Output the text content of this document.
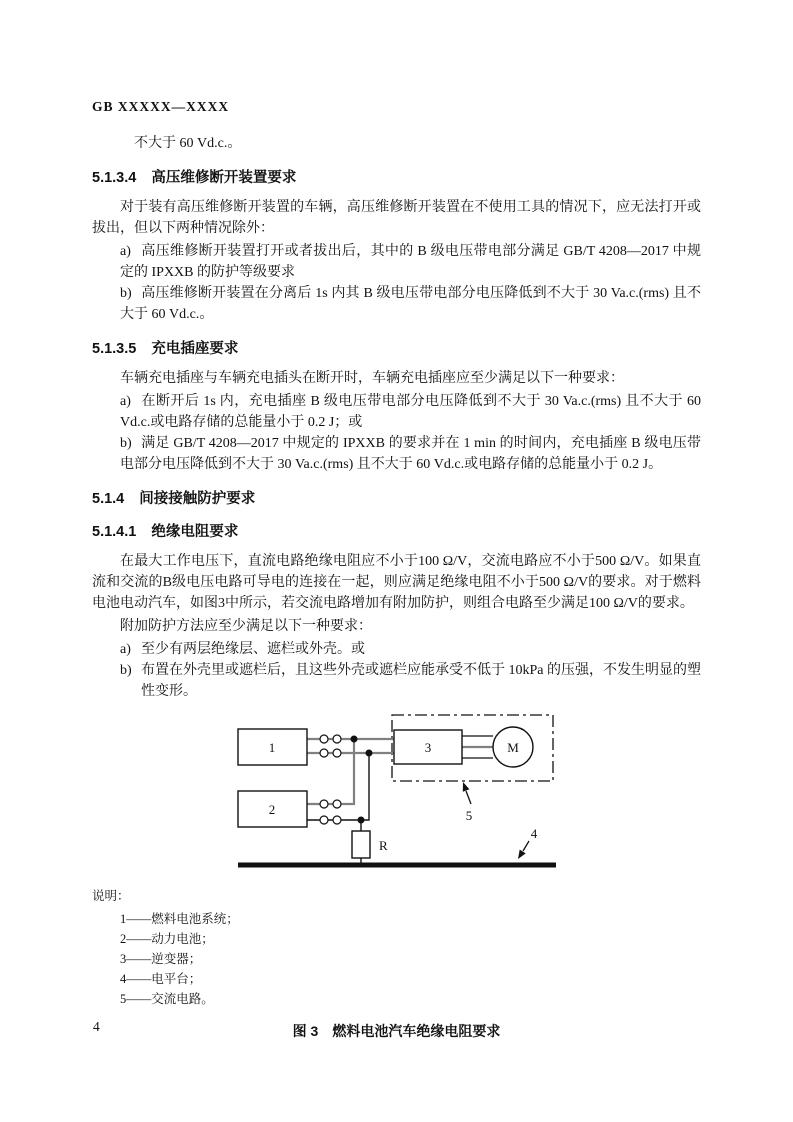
GB XXXXX—XXXX

不大于 60 Vd.c.。

5.1.3.4 高压维修断开装置要求

对于装有高压维修断开装置的车辆，高压维修断开装置在不使用工具的情况下，应无法打开或拔出，但以下两种情况除外：

a) 高压维修断开装置打开或者拔出后，其中的 B 级电压带电部分满足 GB/T 4208—2017 中规定的 IPXXB 的防护等级要求
b) 高压维修断开装置在分离后 1s 内其 B 级电压带电部分电压降低到不大于 30 Va.c.(rms) 且不大于 60 Vd.c.。
5.1.3.5 充电插座要求

车辆充电插座与车辆充电插头在断开时，车辆充电插座应至少满足以下一种要求：

a) 在断开后 1s 内，充电插座 B 级电压带电部分电压降低到不大于 30 Va.c.(rms) 且不大于 60 Vd.c.或电路存储的总能量小于 0.2 J；或
b) 满足 GB/T 4208—2017 中规定的 IPXXB 的要求并在 1 min 的时间内，充电插座 B 级电压带电部分电压降低到不大于 30 Va.c.(rms) 且不大于 60 Vd.c.或电路存储的总能量小于 0.2 J。
5.1.4 间接接触防护要求
5.1.4.1 绝缘电阻要求

在最大工作电压下，直流电路绝缘电阻应不小于100 Ω/V，交流电路应不小于500 Ω/V。如果直流和交流的B级电压电路可导电的连接在一起，则应满足绝缘电阻不小于500 Ω/V的要求。对于燃料电池电动汽车，如图3中所示，若交流电路增加有附加防护，则组合电路至少满足100 Ω/V的要求。

附加防护方法应至少满足以下一种要求：

a) 至少有两层绝缘层、遮栏或外壳。或
b) 布置在外壳里或遮栏后，且这些外壳或遮栏应能承受不低于 10kPa 的压强，不发生明显的塑性变形。
1
2
3	M
R
5
4
说明：
1——燃料电池系统；
2——动力电池；
3——逆变器；
4——电平台；
5——交流电路。
图 3　燃料电池汽车绝缘电阻要求
4
